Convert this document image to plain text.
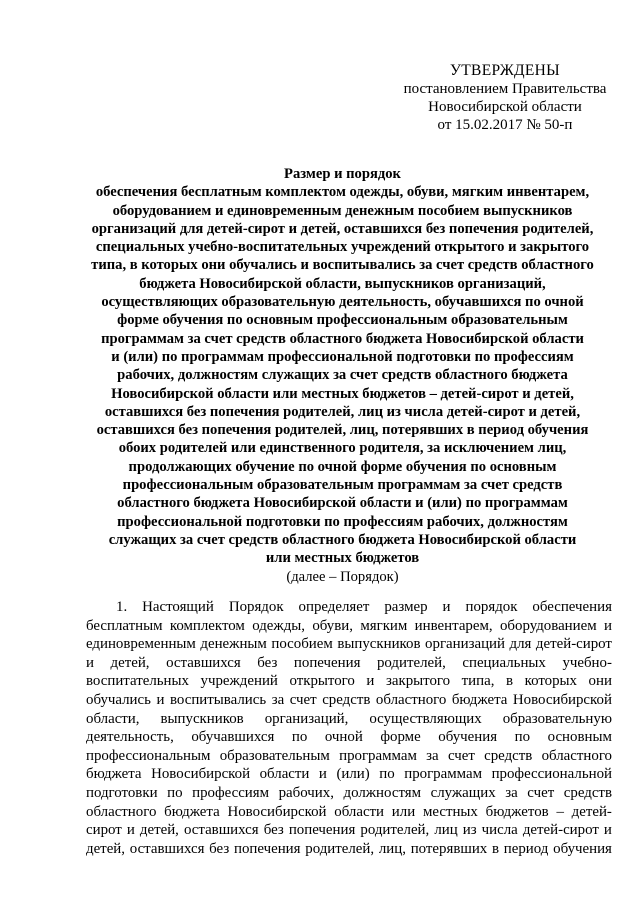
УТВЕРЖДЕНЫ
постановлением Правительства
Новосибирской области
от 15.02.2017 № 50-п
Размер и порядок
обеспечения бесплатным комплектом одежды, обуви, мягким инвентарем,
оборудованием и единовременным денежным пособием выпускников
организаций для детей-сирот и детей, оставшихся без попечения родителей,
специальных учебно-воспитательных учреждений открытого и закрытого
типа, в которых они обучались и воспитывались за счет средств областного
бюджета Новосибирской области, выпускников организаций,
осуществляющих образовательную деятельность, обучавшихся по очной
форме обучения по основным профессиональным образовательным
программам за счет средств областного бюджета Новосибирской области
и (или) по программам профессиональной подготовки по профессиям
рабочих, должностям служащих за счет средств областного бюджета
Новосибирской области или местных бюджетов – детей-сирот и детей,
оставшихся без попечения родителей, лиц из числа детей-сирот и детей,
оставшихся без попечения родителей, лиц, потерявших в период обучения
обоих родителей или единственного родителя, за исключением лиц,
продолжающих обучение по очной форме обучения по основным
профессиональным образовательным программам за счет средств
областного бюджета Новосибирской области и (или) по программам
профессиональной подготовки по профессиям рабочих, должностям
служащих за счет средств областного бюджета Новосибирской области
или местных бюджетов
(далее – Порядок)
1. Настоящий Порядок определяет размер и порядок обеспечения
бесплатным комплектом одежды, обуви, мягким инвентарем, оборудованием и
единовременным денежным пособием выпускников организаций для детей-сирот
и детей, оставшихся без попечения родителей, специальных учебно-
воспитательных учреждений открытого и закрытого типа, в которых они
обучались и воспитывались за счет средств областного бюджета Новосибирской
области, выпускников организаций, осуществляющих образовательную
деятельность, обучавшихся по очной форме обучения по основным
профессиональным образовательным программам за счет средств областного
бюджета Новосибирской области и (или) по программам профессиональной
подготовки по профессиям рабочих, должностям служащих за счет средств
областного бюджета Новосибирской области или местных бюджетов – детей-
сирот и детей, оставшихся без попечения родителей, лиц из числа детей-сирот и
детей, оставшихся без попечения родителей, лиц, потерявших в период обучения
